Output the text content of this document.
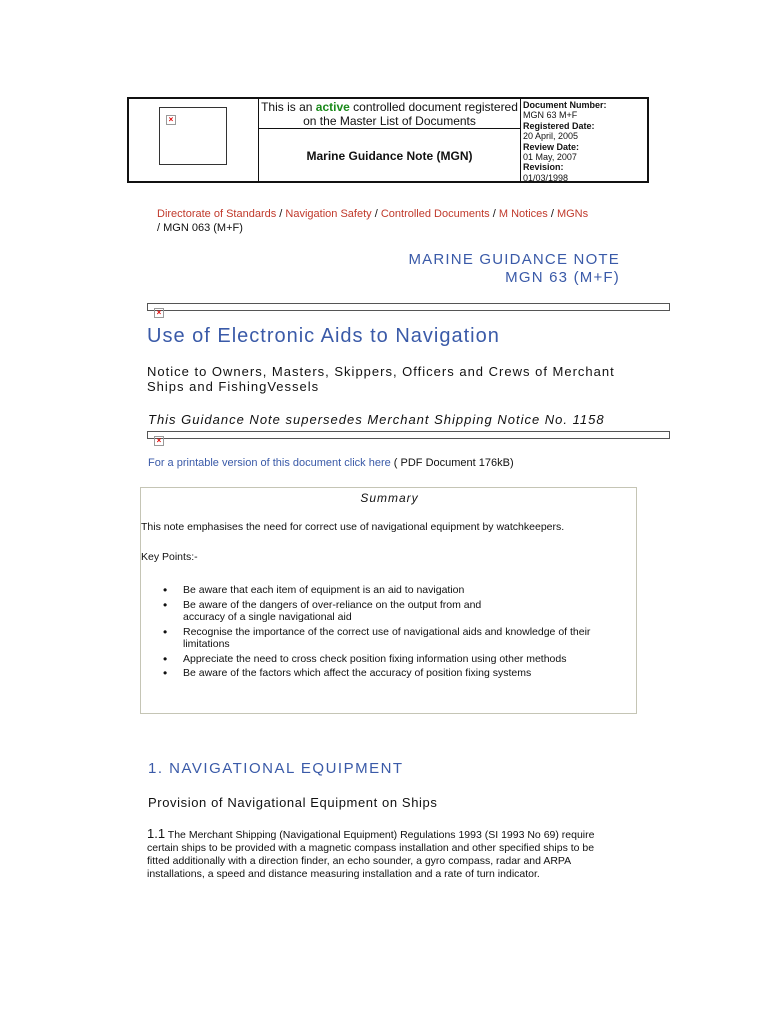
×
This is an active controlled document registered on the Master List of Documents
Marine Guidance Note (MGN)
Document Number:
MGN 63 M+F
Registered Date:
20 April, 2005
Review Date:
01 May, 2007
Revision:
01/03/1998
Directorate of Standards / Navigation Safety / Controlled Documents / M Notices / MGNs
/ MGN 063 (M+F)
MARINE GUIDANCE NOTE
MGN 63 (M+F)
×
Use of Electronic Aids to Navigation
Notice to Owners, Masters, Skippers, Officers and Crews of Merchant Ships and FishingVessels
This Guidance Note supersedes Merchant Shipping Notice No. 1158
×
For a printable version of this document click here ( PDF Document 176kB)
Summary
This note emphasises the need for correct use of navigational equipment by watchkeepers.
Key Points:-
• Be aware that each item of equipment is an aid to navigation
• Be aware of the dangers of over-reliance on the output from and accuracy of a single navigational aid
• Recognise the importance of the correct use of navigational aids and knowledge of their limitations
• Appreciate the need to cross check position fixing information using other methods
• Be aware of the factors which affect the accuracy of position fixing systems
1. NAVIGATIONAL EQUIPMENT
Provision of Navigational Equipment on Ships
1.1 The Merchant Shipping (Navigational Equipment) Regulations 1993 (SI 1993 No 69) require certain ships to be provided with a magnetic compass installation and other specified ships to be fitted additionally with a direction finder, an echo sounder, a gyro compass, radar and ARPA installations, a speed and distance measuring installation and a rate of turn indicator.
